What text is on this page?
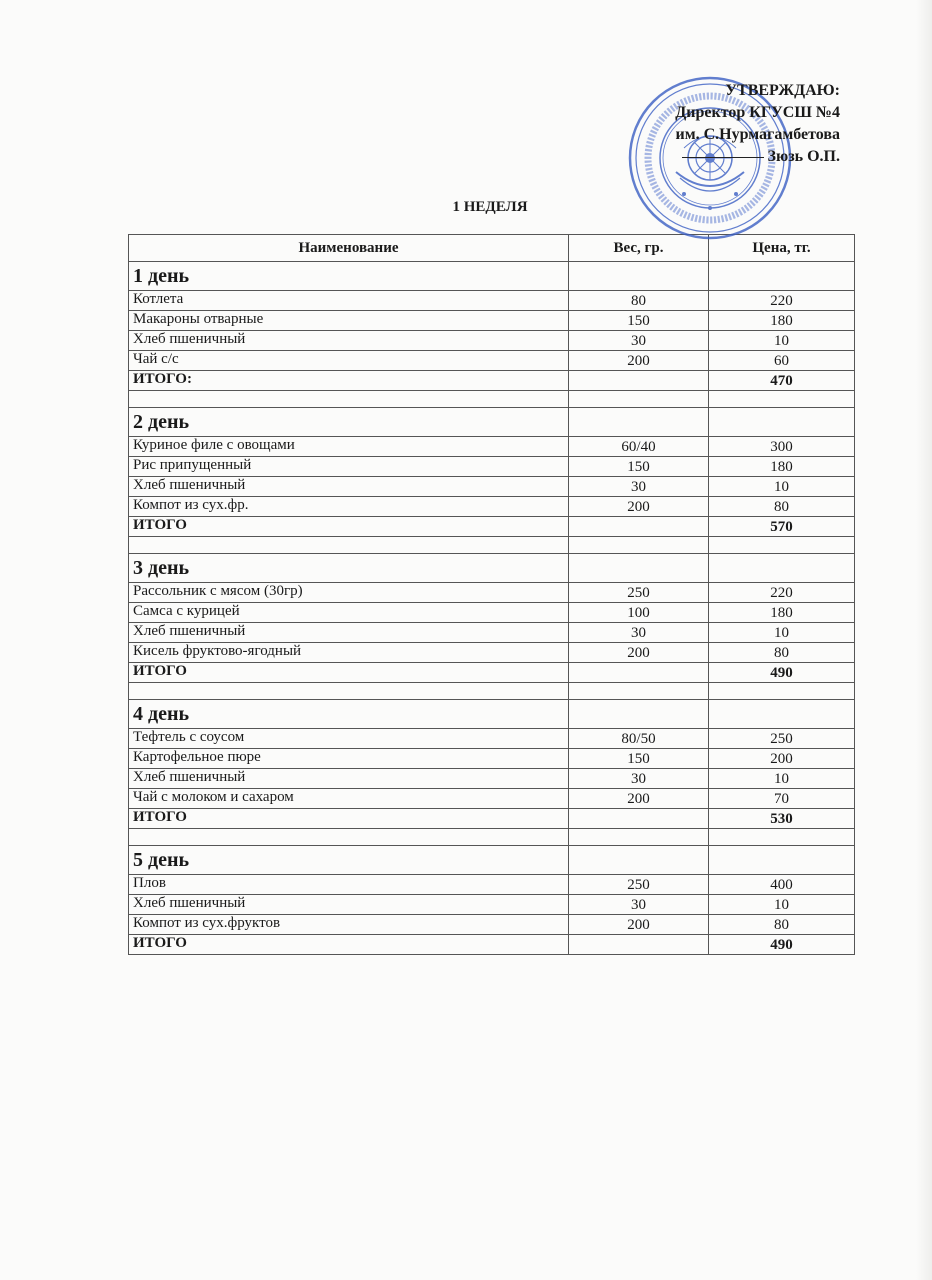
УТВЕРЖДАЮ:
Директор КГУСШ №4
им. С.Нурмагамбетова
Зюзь О.П.
1 НЕДЕЛЯ
Наименование	Вес, гр.	Цена, тг.
1 день		
Котлета	80	220
Макароны отварные	150	180
Хлеб пшеничный	30	10
Чай с/с	200	60
ИТОГО:		470

2 день		
Куриное филе с овощами	60/40	300
Рис припущенный	150	180
Хлеб пшеничный	30	10
Компот из сух.фр.	200	80
ИТОГО		570

3 день		
Рассольник с мясом (30гр)	250	220
Самса с курицей	100	180
Хлеб пшеничный	30	10
Кисель фруктово-ягодный	200	80
ИТОГО		490

4 день		
Тефтель с соусом	80/50	250
Картофельное пюре	150	200
Хлеб пшеничный	30	10
Чай с молоком и сахаром	200	70
ИТОГО		530

5 день		
Плов	250	400
Хлеб пшеничный	30	10
Компот из сух.фруктов	200	80
ИТОГО		490
